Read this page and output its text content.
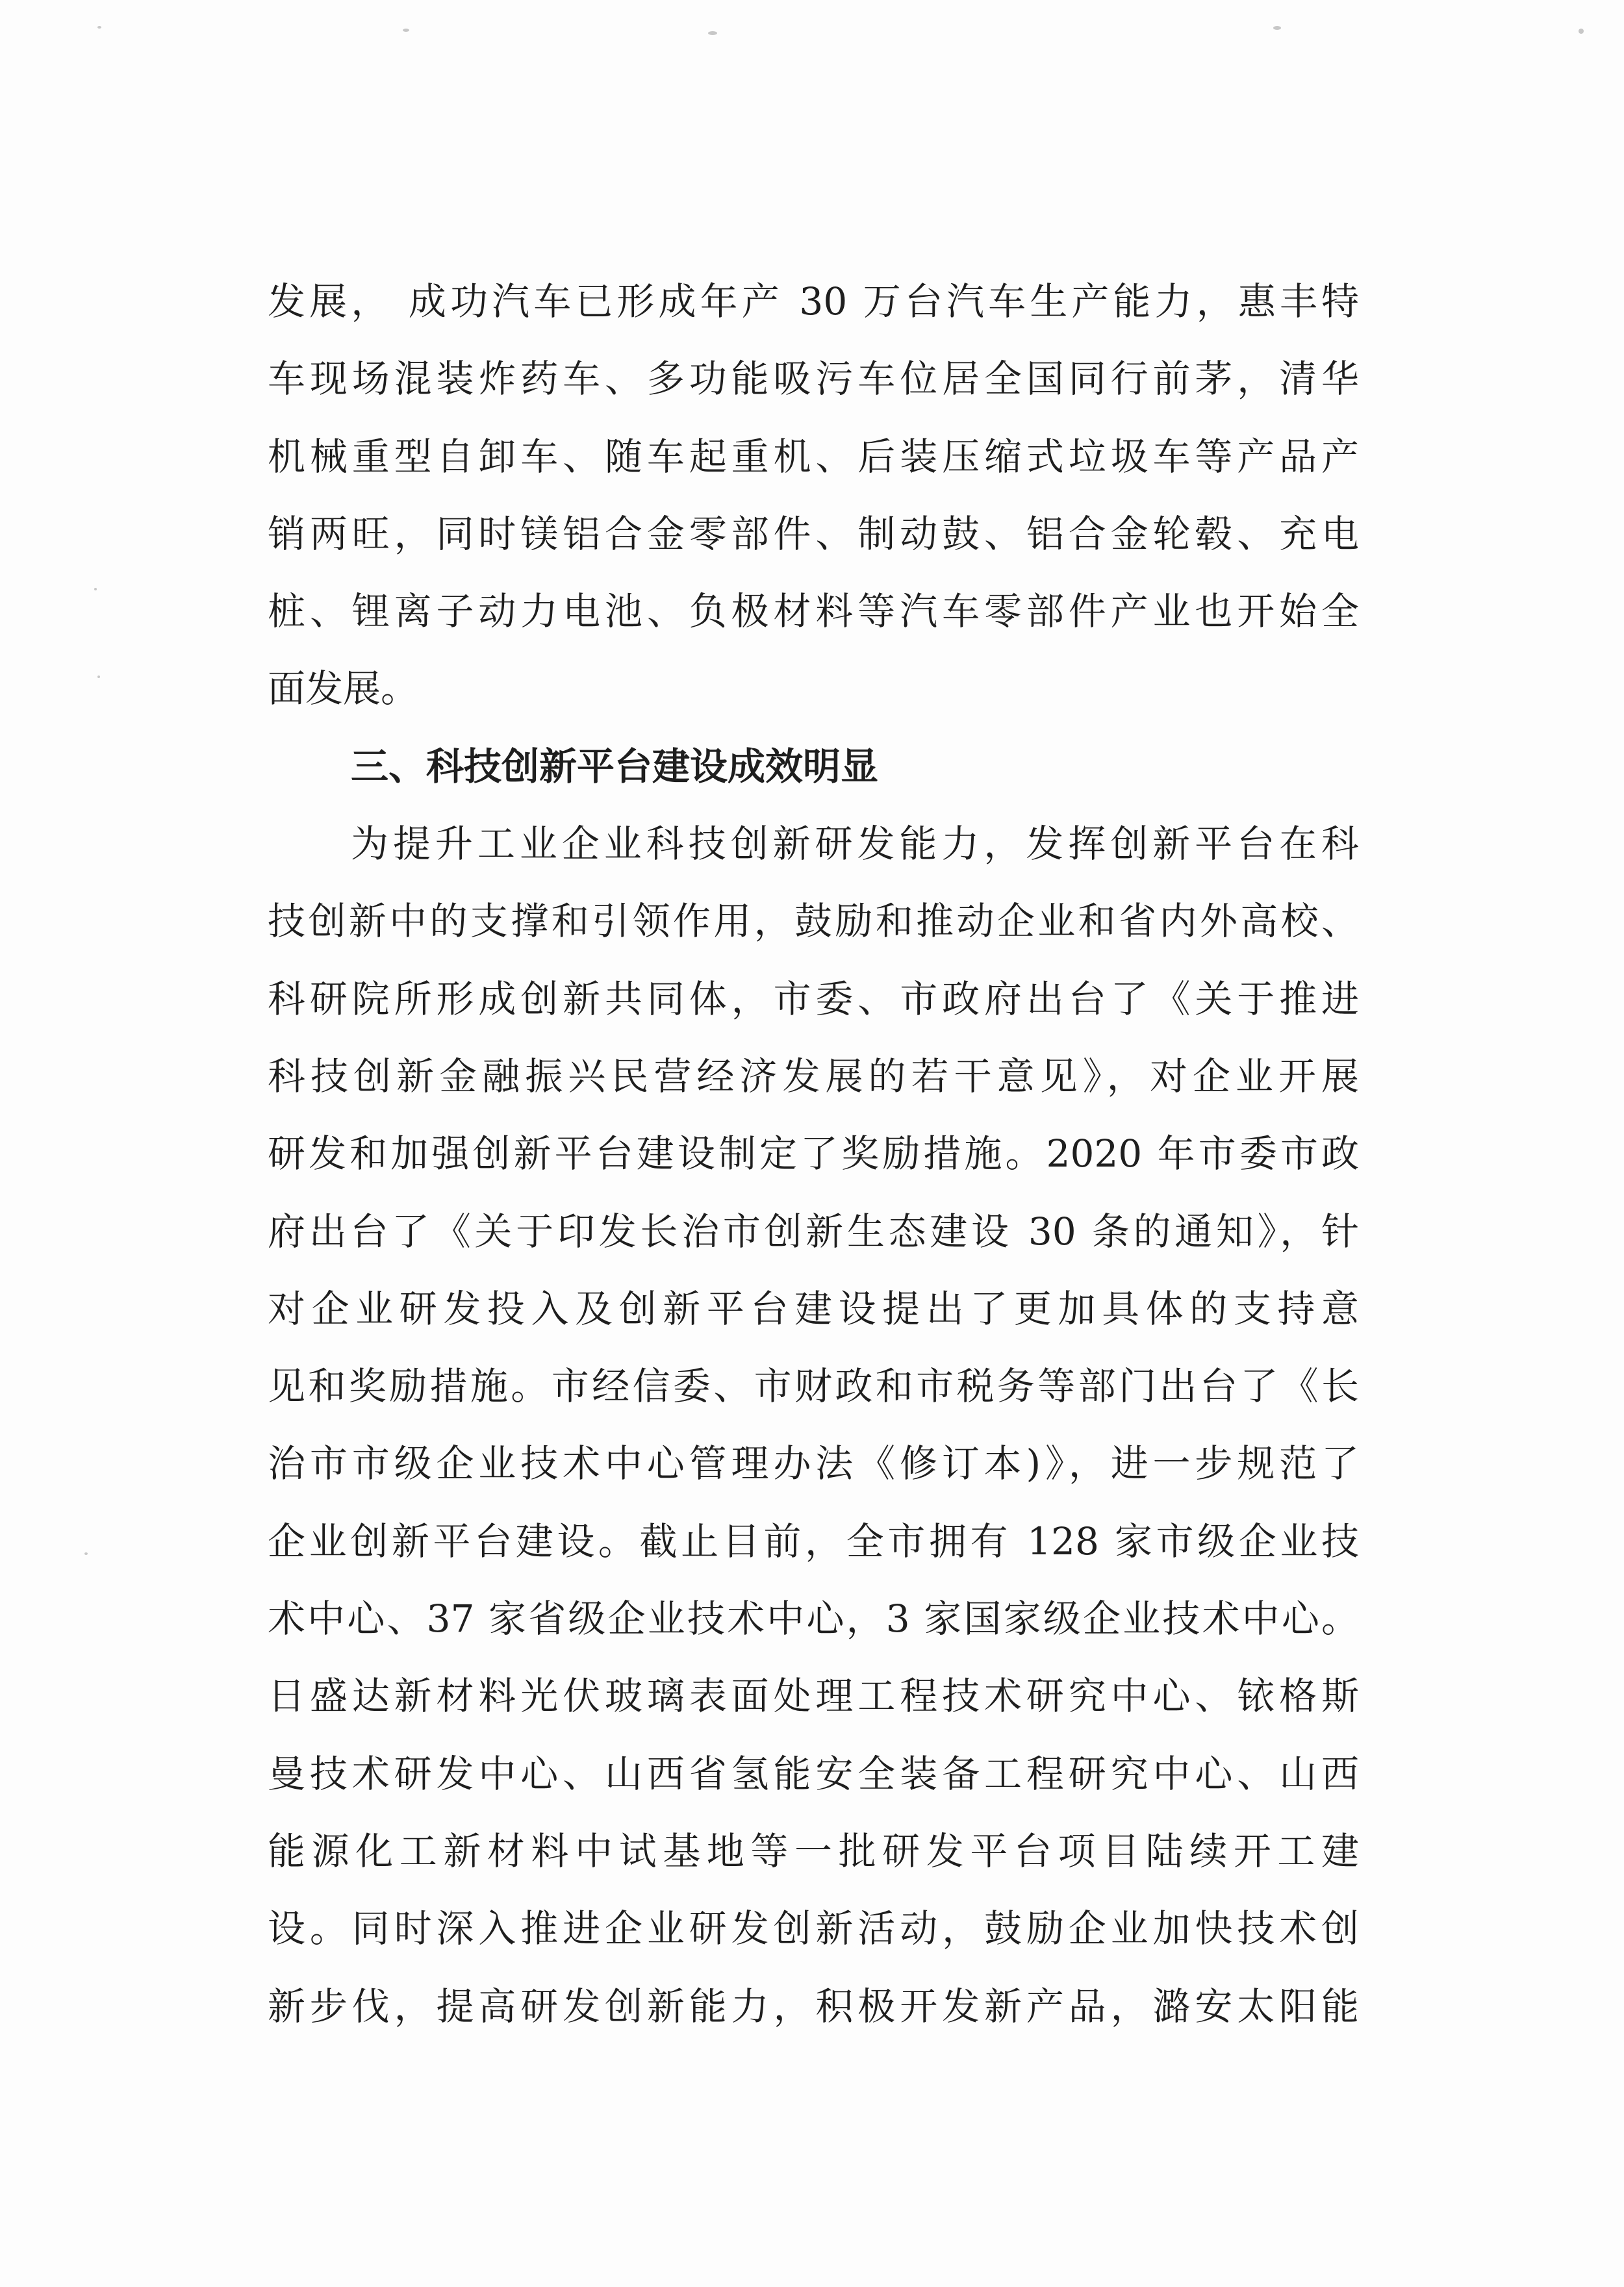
发展， 成功汽车已形成年产 30 万台汽车生产能力，惠丰特
车现场混装炸药车、多功能吸污车位居全国同行前茅，清华
机械重型自卸车、随车起重机、后装压缩式垃圾车等产品产
销两旺，同时镁铝合金零部件、制动鼓、铝合金轮毂、充电
桩、锂离子动力电池、负极材料等汽车零部件产业也开始全
面发展。
三、科技创新平台建设成效明显
为提升工业企业科技创新研发能力，发挥创新平台在科
技创新中的支撑和引领作用，鼓励和推动企业和省内外高校、
科研院所形成创新共同体，市委、市政府出台了《关于推进
科技创新金融振兴民营经济发展的若干意见》，对企业开展
研发和加强创新平台建设制定了奖励措施。2020 年市委市政
府出台了《关于印发长治市创新生态建设 30 条的通知》，针
对企业研发投入及创新平台建设提出了更加具体的支持意
见和奖励措施。市经信委、市财政和市税务等部门出台了《长
治市市级企业技术中心管理办法《修订本)》，进一步规范了
企业创新平台建设。截止目前，全市拥有 128 家市级企业技
术中心、37 家省级企业技术中心，3 家国家级企业技术中心。
日盛达新材料光伏玻璃表面处理工程技术研究中心、铱格斯
曼技术研发中心、山西省氢能安全装备工程研究中心、山西
能源化工新材料中试基地等一批研发平台项目陆续开工建
设。同时深入推进企业研发创新活动，鼓励企业加快技术创
新步伐，提高研发创新能力，积极开发新产品，潞安太阳能
